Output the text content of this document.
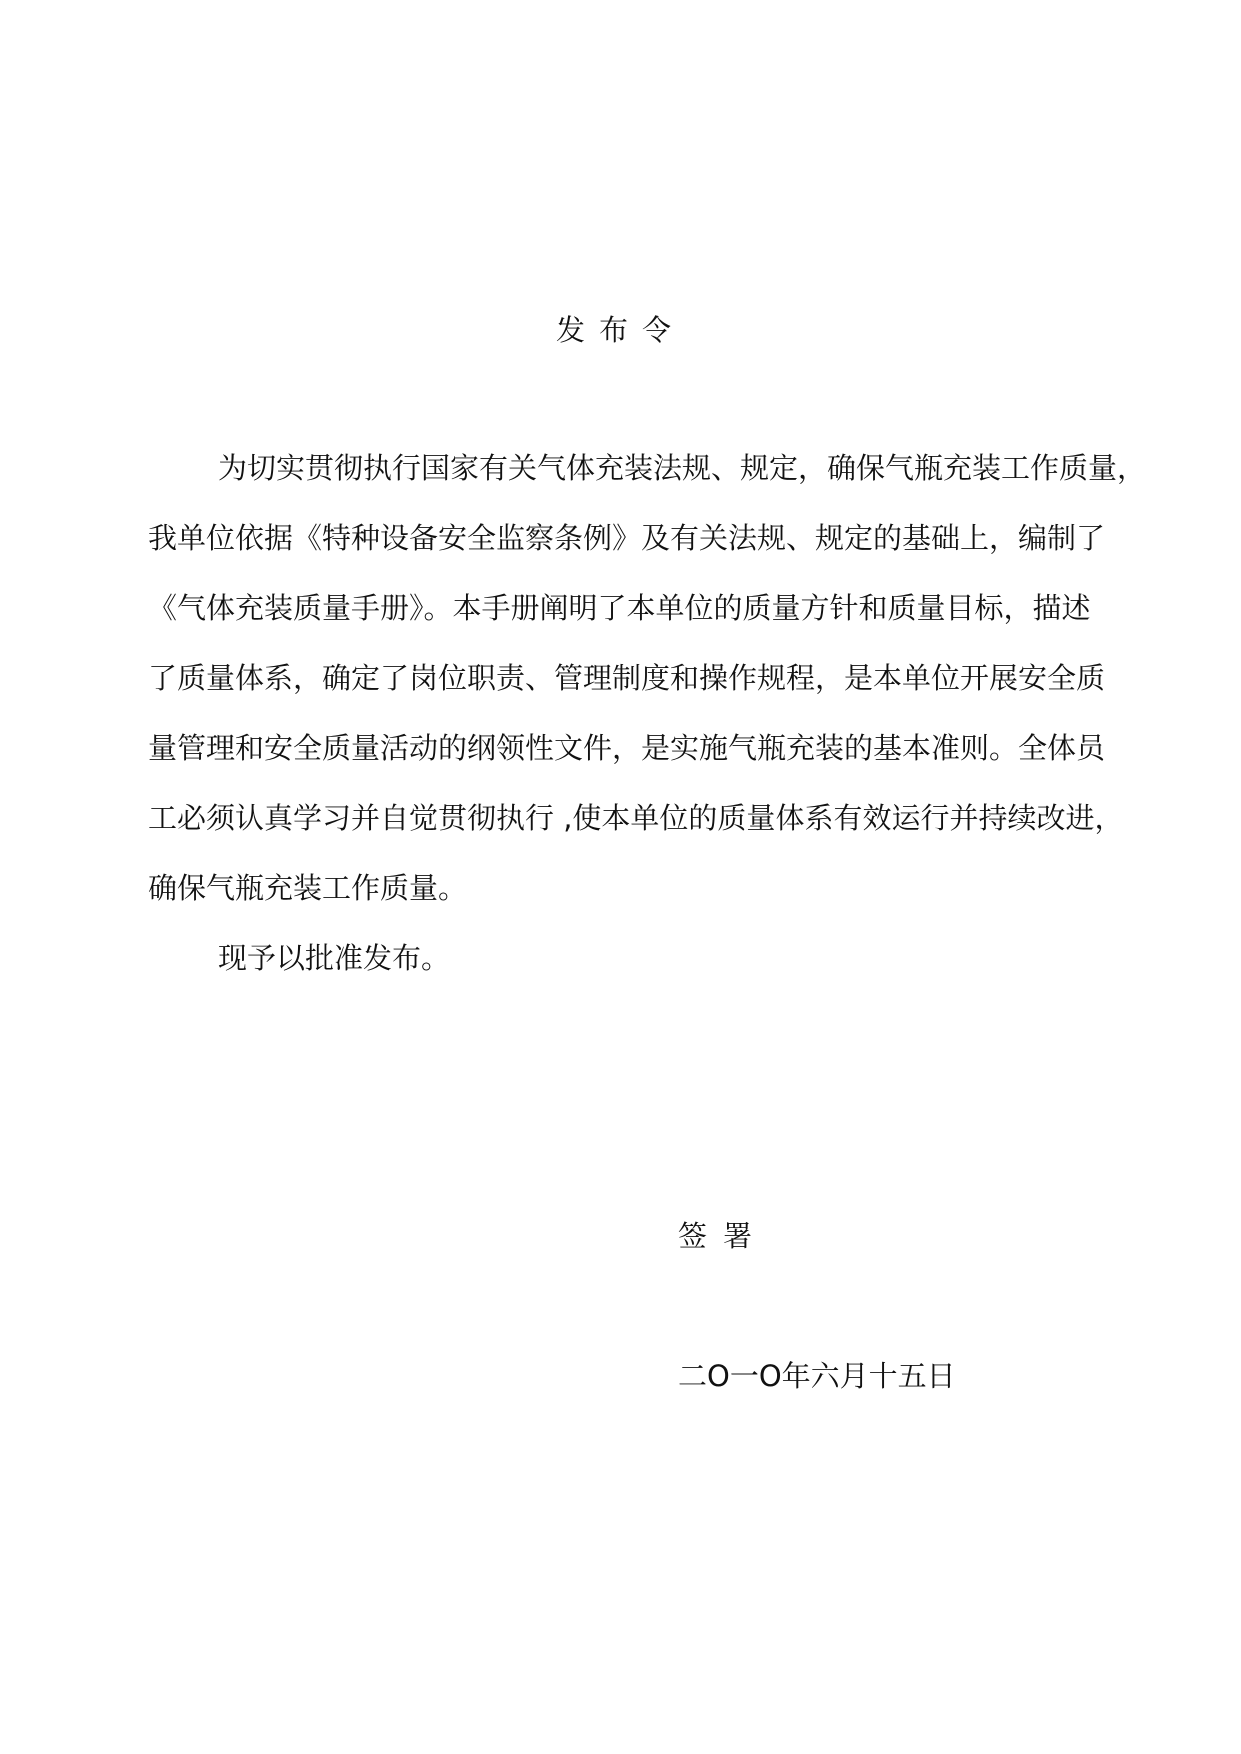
发布令
为切实贯彻执行国家有关气体充装法规、规定，确保气瓶充装工作质量，
我单位依据《特种设备安全监察条例》及有关法规、规定的基础上，编制了
《气体充装质量手册》。本手册阐明了本单位的质量方针和质量目标，描述
了质量体系，确定了岗位职责、管理制度和操作规程，是本单位开展安全质
量管理和安全质量活动的纲领性文件，是实施气瓶充装的基本准则。全体员
工必须认真学习并自觉贯彻执行 ,使本单位的质量体系有效运行并持续改进，
确保气瓶充装工作质量。
现予以批准发布。
签署
二O一O年六月十五日
